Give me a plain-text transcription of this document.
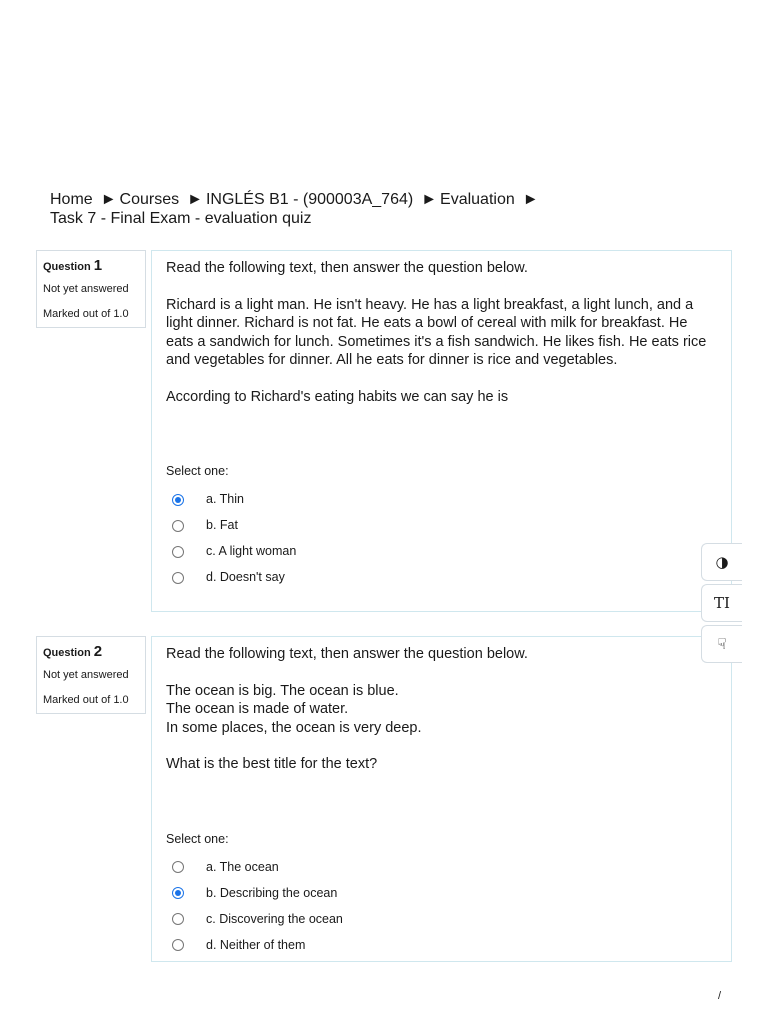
Home ► Courses ► INGLÉS B1 - (900003A_764) ► Evaluation ►
Task 7 - Final Exam - evaluation quiz
Question 1
Not yet answered
Marked out of 1.0

Read the following text, then answer the question below.

Richard is a light man. He isn't heavy. He has a light breakfast, a light lunch, and a light dinner. Richard is not fat. He eats a bowl of cereal with milk for breakfast. He eats a sandwich for lunch. Sometimes it's a fish sandwich. He likes fish. He eats rice and vegetables for dinner. All he eats for dinner is rice and vegetables.

According to Richard's eating habits we can say he is

Select one:
a. Thin
b. Fat
c. A light woman
d. Doesn't say
Question 2
Not yet answered
Marked out of 1.0

Read the following text, then answer the question below.

The ocean is big. The ocean is blue.
The ocean is made of water.
In some places, the ocean is very deep.

What is the best title for the text?

Select one:
a. The ocean
b. Describing the ocean
c. Discovering the ocean
d. Neither of them
◑
TI
☟
/
